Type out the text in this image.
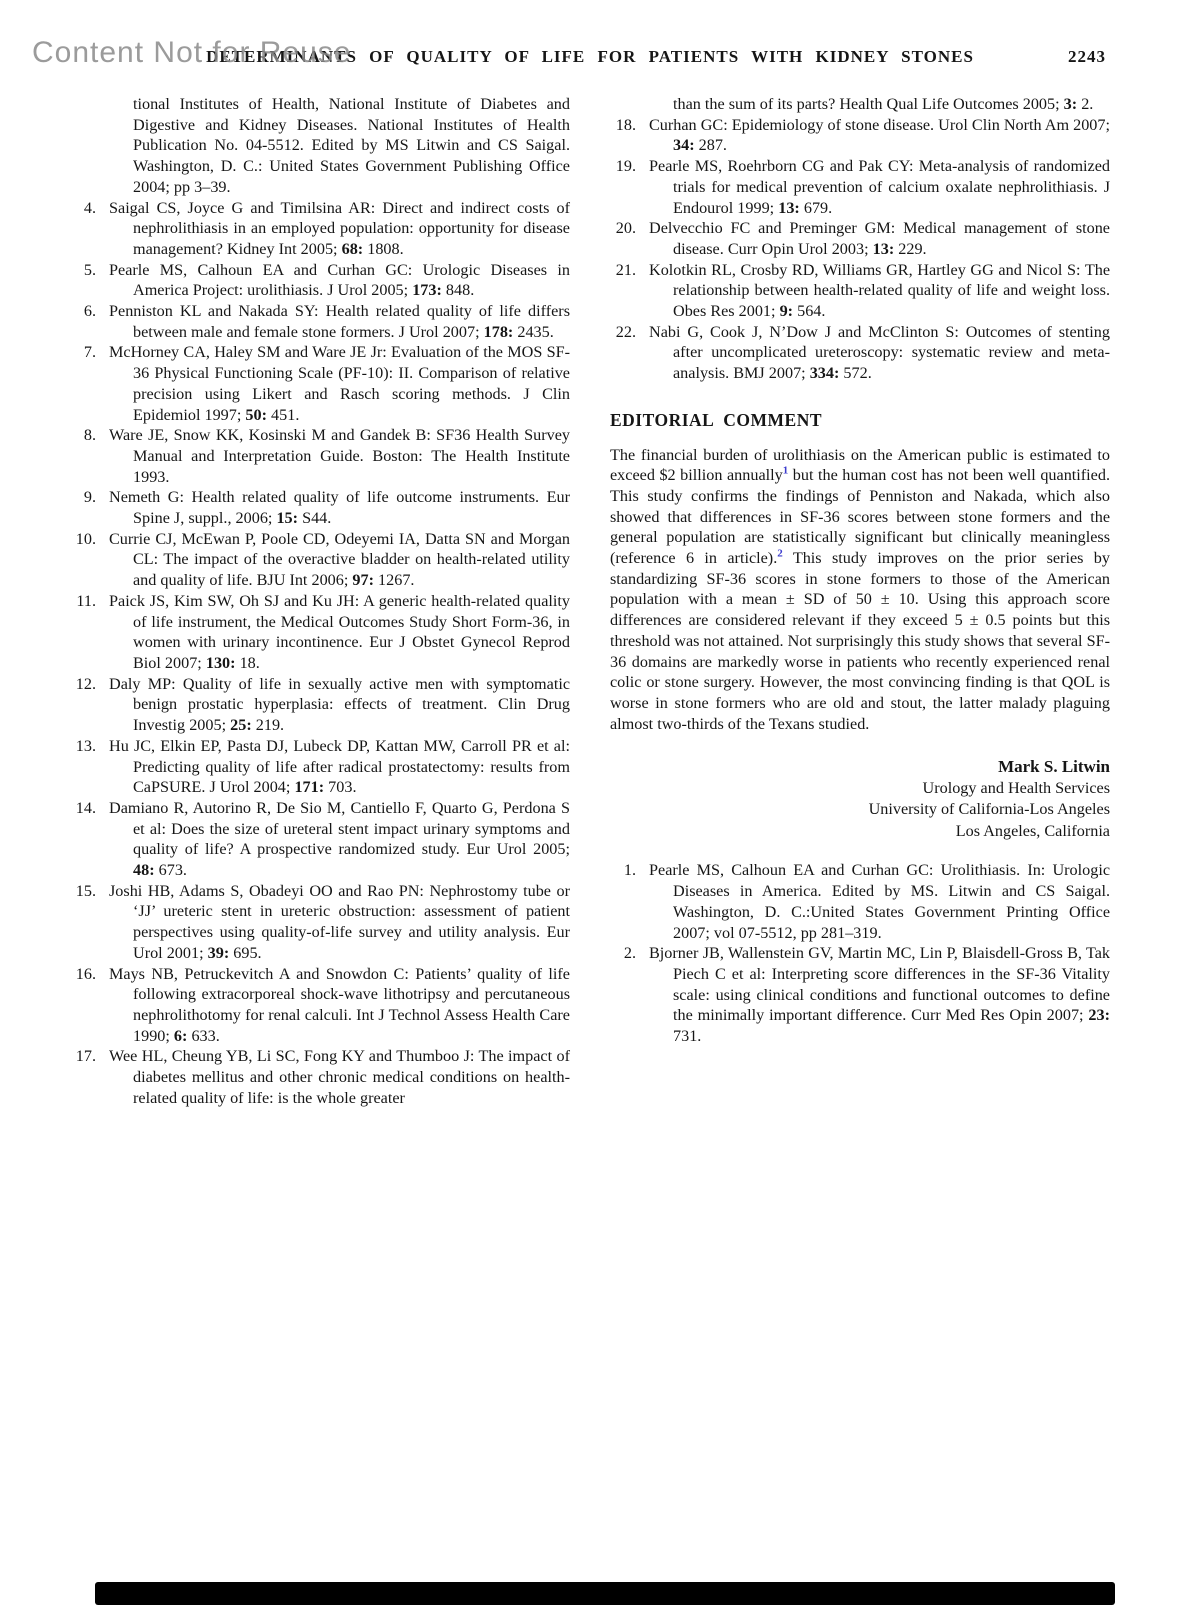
Content Not for Reuse
DETERMINANTS OF QUALITY OF LIFE FOR PATIENTS WITH KIDNEY STONES	2243

tional Institutes of Health, National Institute of Diabetes and Digestive and Kidney Diseases. National Institutes of Health Publication No. 04-5512. Edited by MS Litwin and CS Saigal. Washington, D. C.: United States Government Publishing Office 2004; pp 3–39.

4. Saigal CS, Joyce G and Timilsina AR: Direct and indirect costs of nephrolithiasis in an employed population: opportunity for disease management? Kidney Int 2005; 68: 1808.
5. Pearle MS, Calhoun EA and Curhan GC: Urologic Diseases in America Project: urolithiasis. J Urol 2005; 173: 848.
6. Penniston KL and Nakada SY: Health related quality of life differs between male and female stone formers. J Urol 2007; 178: 2435.
7. McHorney CA, Haley SM and Ware JE Jr: Evaluation of the MOS SF-36 Physical Functioning Scale (PF-10): II. Comparison of relative precision using Likert and Rasch scoring methods. J Clin Epidemiol 1997; 50: 451.
8. Ware JE, Snow KK, Kosinski M and Gandek B: SF36 Health Survey Manual and Interpretation Guide. Boston: The Health Institute 1993.
9. Nemeth G: Health related quality of life outcome instruments. Eur Spine J, suppl., 2006; 15: S44.
10. Currie CJ, McEwan P, Poole CD, Odeyemi IA, Datta SN and Morgan CL: The impact of the overactive bladder on health-related utility and quality of life. BJU Int 2006; 97: 1267.
11. Paick JS, Kim SW, Oh SJ and Ku JH: A generic health-related quality of life instrument, the Medical Outcomes Study Short Form-36, in women with urinary incontinence. Eur J Obstet Gynecol Reprod Biol 2007; 130: 18.
12. Daly MP: Quality of life in sexually active men with symptomatic benign prostatic hyperplasia: effects of treatment. Clin Drug Investig 2005; 25: 219.
13. Hu JC, Elkin EP, Pasta DJ, Lubeck DP, Kattan MW, Carroll PR et al: Predicting quality of life after radical prostatectomy: results from CaPSURE. J Urol 2004; 171: 703.
14. Damiano R, Autorino R, De Sio M, Cantiello F, Quarto G, Perdona S et al: Does the size of ureteral stent impact urinary symptoms and quality of life? A prospective randomized study. Eur Urol 2005; 48: 673.
15. Joshi HB, Adams S, Obadeyi OO and Rao PN: Nephrostomy tube or ‘JJ’ ureteric stent in ureteric obstruction: assessment of patient perspectives using quality-of-life survey and utility analysis. Eur Urol 2001; 39: 695.
16. Mays NB, Petruckevitch A and Snowdon C: Patients’ quality of life following extracorporeal shock-wave lithotripsy and percutaneous nephrolithotomy for renal calculi. Int J Technol Assess Health Care 1990; 6: 633.
17. Wee HL, Cheung YB, Li SC, Fong KY and Thumboo J: The impact of diabetes mellitus and other chronic medical conditions on health-related quality of life: is the whole greater

than the sum of its parts? Health Qual Life Outcomes 2005; 3: 2.

18. Curhan GC: Epidemiology of stone disease. Urol Clin North Am 2007; 34: 287.
19. Pearle MS, Roehrborn CG and Pak CY: Meta-analysis of randomized trials for medical prevention of calcium oxalate nephrolithiasis. J Endourol 1999; 13: 679.
20. Delvecchio FC and Preminger GM: Medical management of stone disease. Curr Opin Urol 2003; 13: 229.
21. Kolotkin RL, Crosby RD, Williams GR, Hartley GG and Nicol S: The relationship between health-related quality of life and weight loss. Obes Res 2001; 9: 564.
22. Nabi G, Cook J, N’Dow J and McClinton S: Outcomes of stenting after uncomplicated ureteroscopy: systematic review and meta-analysis. BMJ 2007; 334: 572.
EDITORIAL COMMENT

The financial burden of urolithiasis on the American public is estimated to exceed $2 billion annually$^1$ but the human cost has not been well quantified. This study confirms the findings of Penniston and Nakada, which also showed that differences in SF-36 scores between stone formers and the general population are statistically significant but clinically meaningless (reference 6 in article).$^2$ This study improves on the prior series by standardizing SF-36 scores in stone formers to those of the American population with a mean ± SD of 50 ± 10. Using this approach score differences are considered relevant if they exceed 5 ± 0.5 points but this threshold was not attained. Not surprisingly this study shows that several SF-36 domains are markedly worse in patients who recently experienced renal colic or stone surgery. However, the most convincing finding is that QOL is worse in stone formers who are old and stout, the latter malady plaguing almost two-thirds of the Texans studied.

Mark S. Litwin
Urology and Health Services
University of California-Los Angeles
Los Angeles, California
1. Pearle MS, Calhoun EA and Curhan GC: Urolithiasis. In: Urologic Diseases in America. Edited by MS. Litwin and CS Saigal. Washington, D. C.:United States Government Printing Office 2007; vol 07-5512, pp 281–319.
2. Bjorner JB, Wallenstein GV, Martin MC, Lin P, Blaisdell-Gross B, Tak Piech C et al: Interpreting score differences in the SF-36 Vitality scale: using clinical conditions and functional outcomes to define the minimally important difference. Curr Med Res Opin 2007; 23: 731.
